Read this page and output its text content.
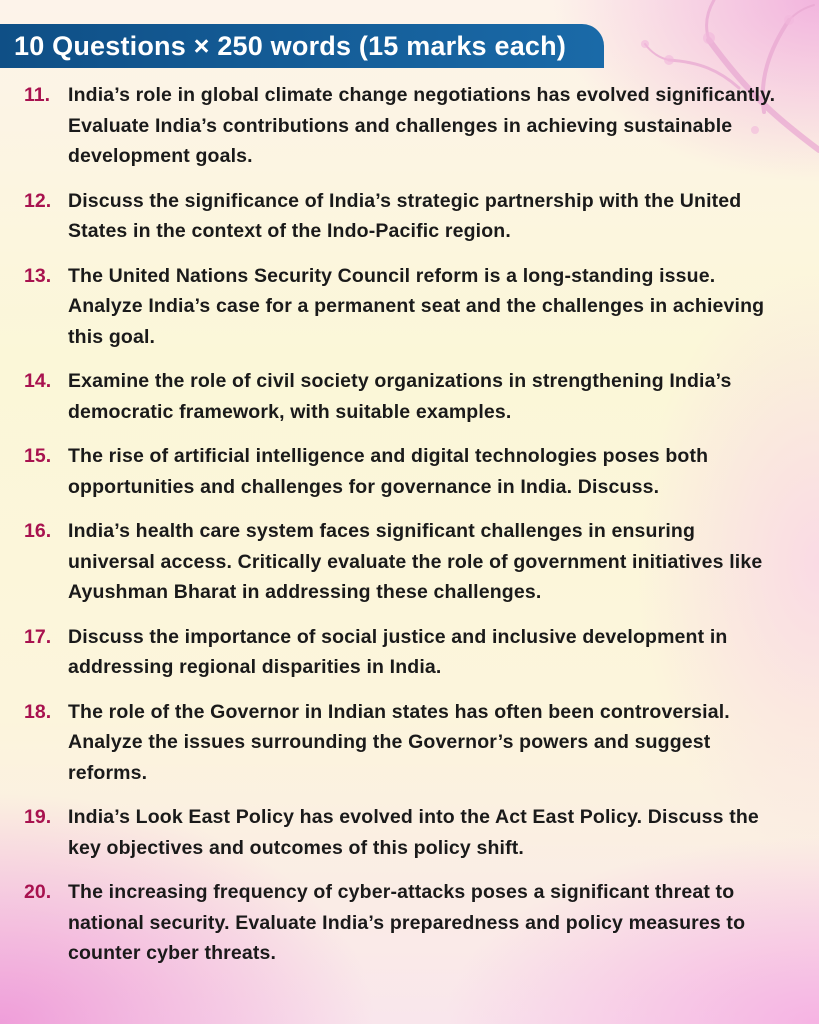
10 Questions × 250 words (15 marks each)
11. India’s role in global climate change negotiations has evolved significantly. Evaluate India’s contributions and challenges in achieving sustainable development goals.
12. Discuss the significance of India’s strategic partnership with the United States in the context of the Indo-Pacific region.
13. The United Nations Security Council reform is a long-standing issue. Analyze India’s case for a permanent seat and the challenges in achieving this goal.
14. Examine the role of civil society organizations in strengthening India’s democratic framework, with suitable examples.
15. The rise of artificial intelligence and digital technologies poses both opportunities and challenges for governance in India. Discuss.
16. India’s health care system faces significant challenges in ensuring universal access. Critically evaluate the role of government initiatives like Ayushman Bharat in addressing these challenges.
17. Discuss the importance of social justice and inclusive development in addressing regional disparities in India.
18. The role of the Governor in Indian states has often been controversial. Analyze the issues surrounding the Governor’s powers and suggest reforms.
19. India’s Look East Policy has evolved into the Act East Policy. Discuss the key objectives and outcomes of this policy shift.
20. The increasing frequency of cyber-attacks poses a significant threat to national security. Evaluate India’s preparedness and policy measures to counter cyber threats.
